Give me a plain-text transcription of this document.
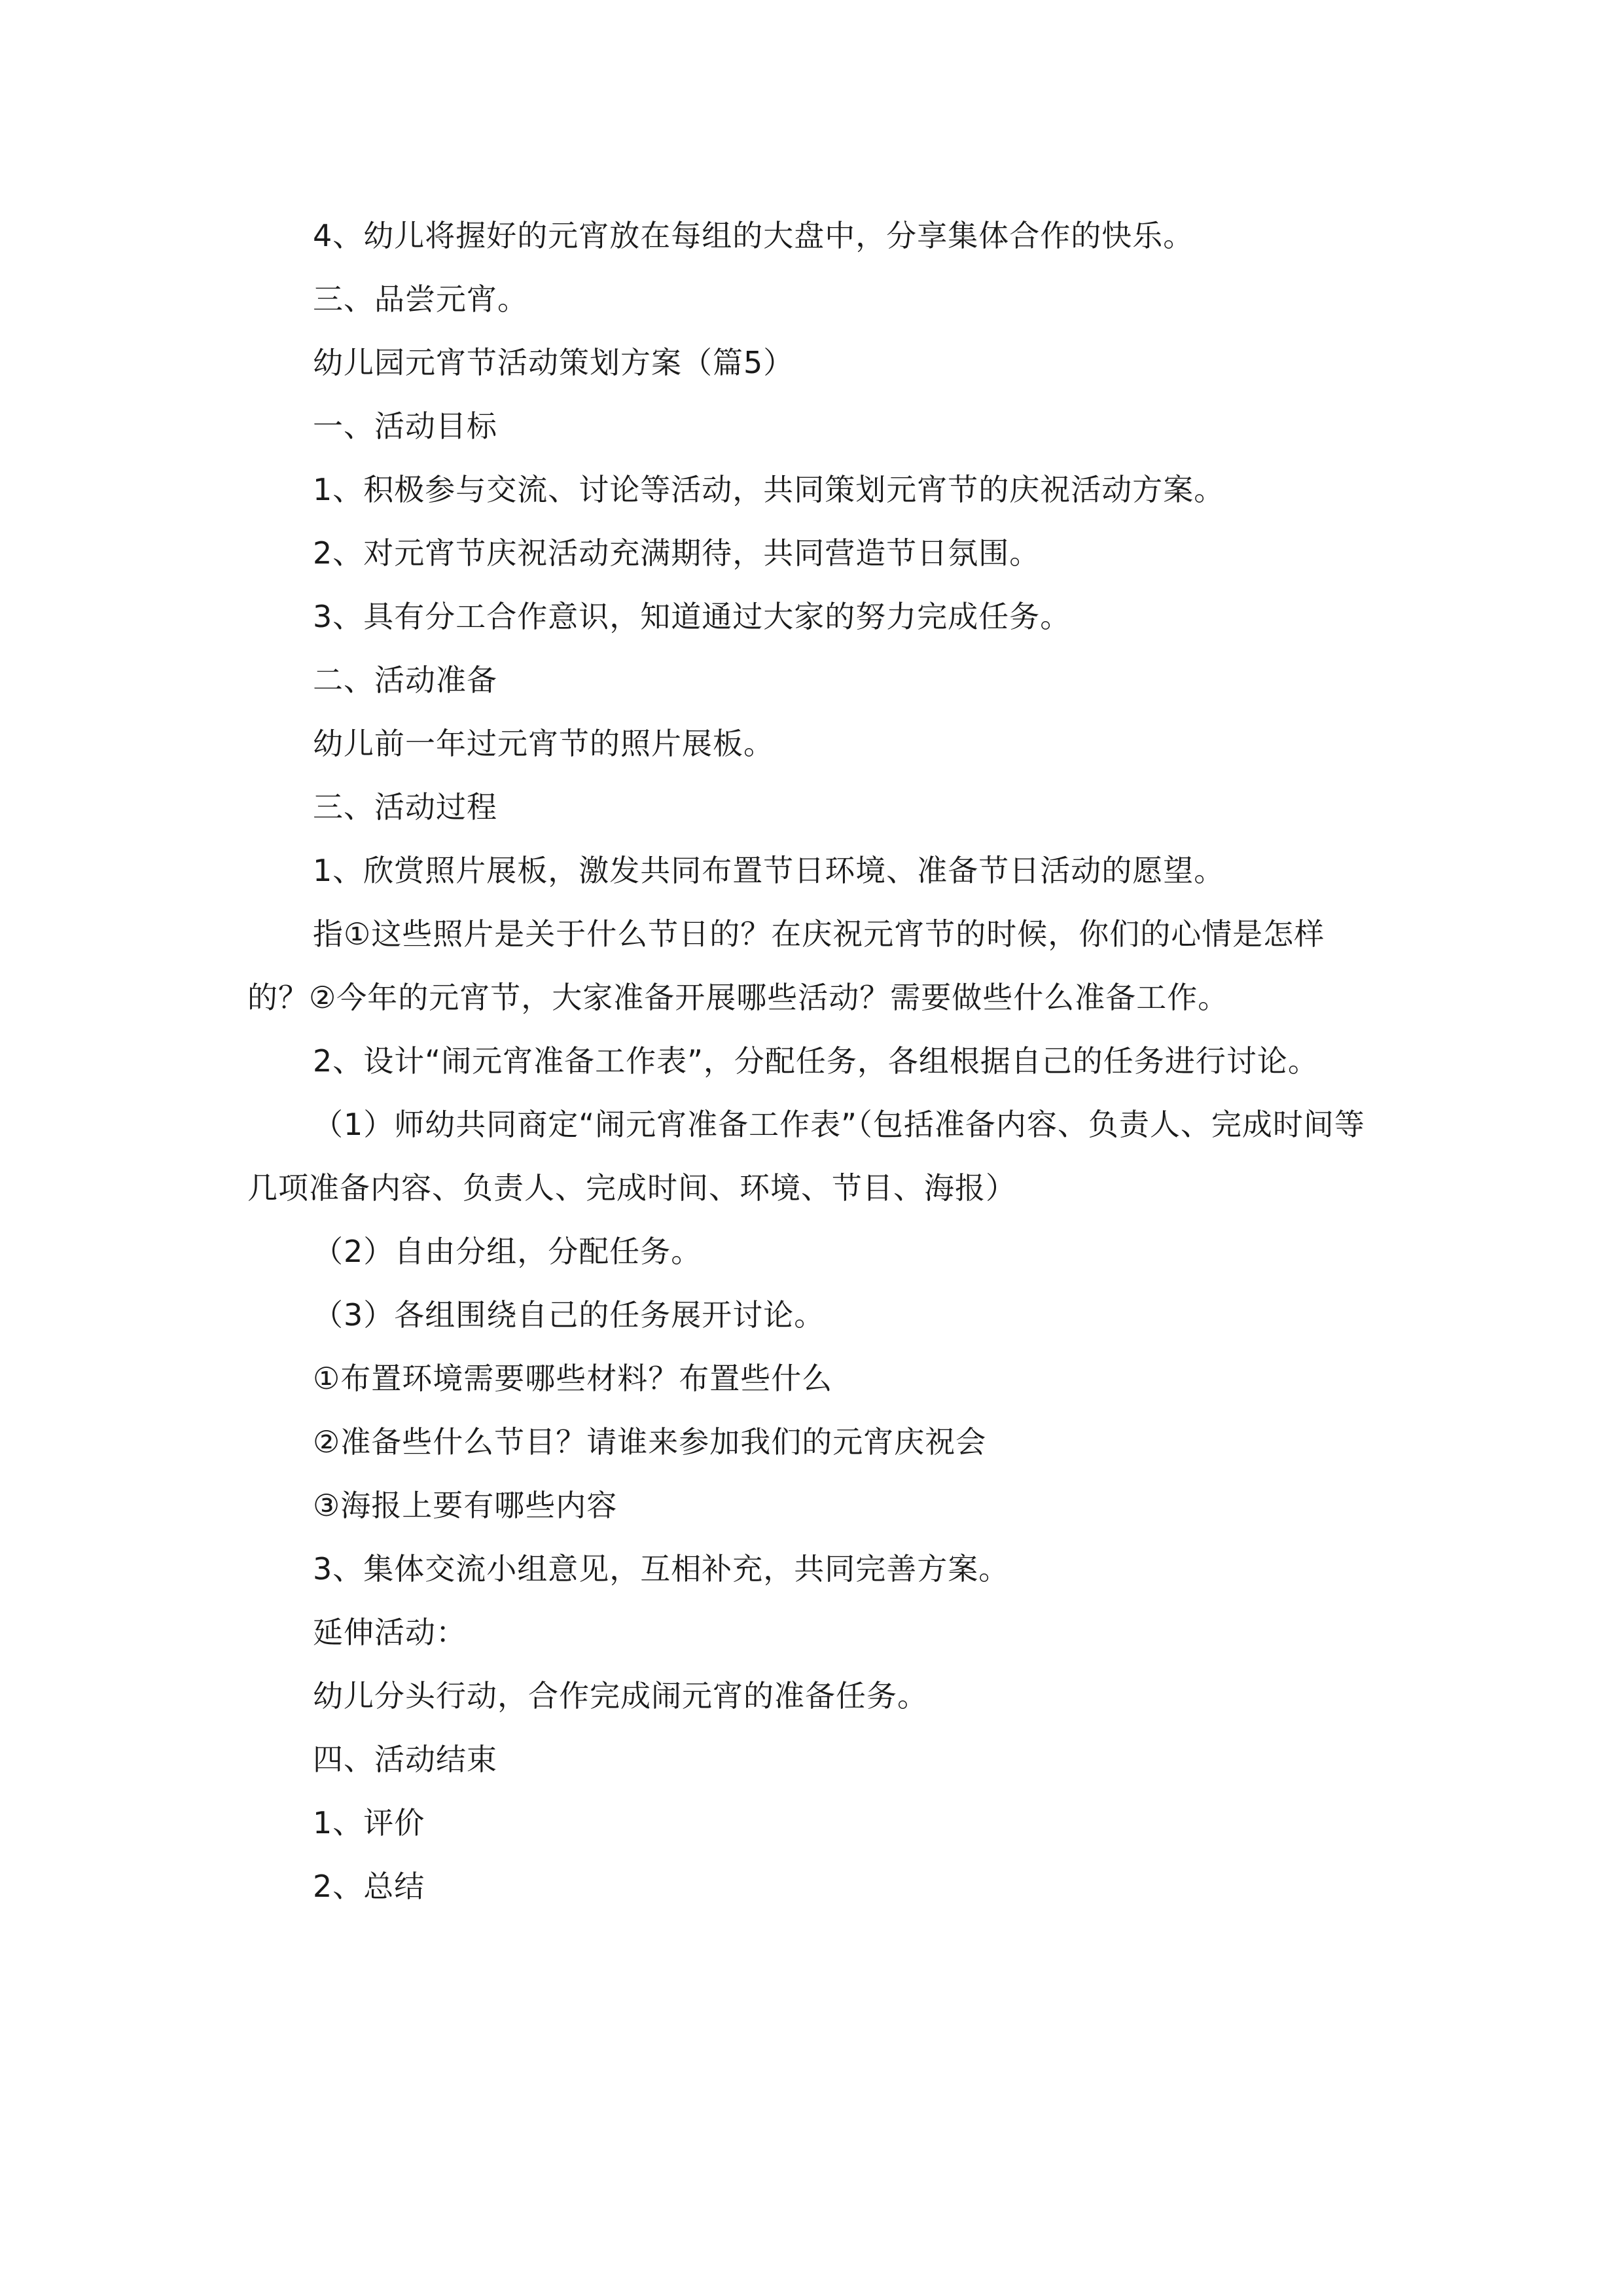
4、幼儿将握好的元宵放在每组的大盘中，分享集体合作的快乐。
三、品尝元宵。
幼儿园元宵节活动策划方案（篇5）
一、活动目标
1、积极参与交流、讨论等活动，共同策划元宵节的庆祝活动方案。
2、对元宵节庆祝活动充满期待，共同营造节日氛围。
3、具有分工合作意识，知道通过大家的努力完成任务。
二、活动准备
幼儿前一年过元宵节的照片展板。
三、活动过程
1、欣赏照片展板，激发共同布置节日环境、准备节日活动的愿望。
指①这些照片是关于什么节日的？在庆祝元宵节的时候，你们的心情是怎样的？②今年的元宵节，大家准备开展哪些活动？需要做些什么准备工作。
2、设计“闹元宵准备工作表”，分配任务，各组根据自己的任务进行讨论。
（1）师幼共同商定“闹元宵准备工作表”（包括准备内容、负责人、完成时间等几项准备内容、负责人、完成时间、环境、节目、海报）
（2）自由分组，分配任务。
（3）各组围绕自己的任务展开讨论。
①布置环境需要哪些材料？布置些什么
②准备些什么节目？请谁来参加我们的元宵庆祝会
③海报上要有哪些内容
3、集体交流小组意见，互相补充，共同完善方案。
延伸活动：
幼儿分头行动，合作完成闹元宵的准备任务。
四、活动结束
1、评价
2、总结
